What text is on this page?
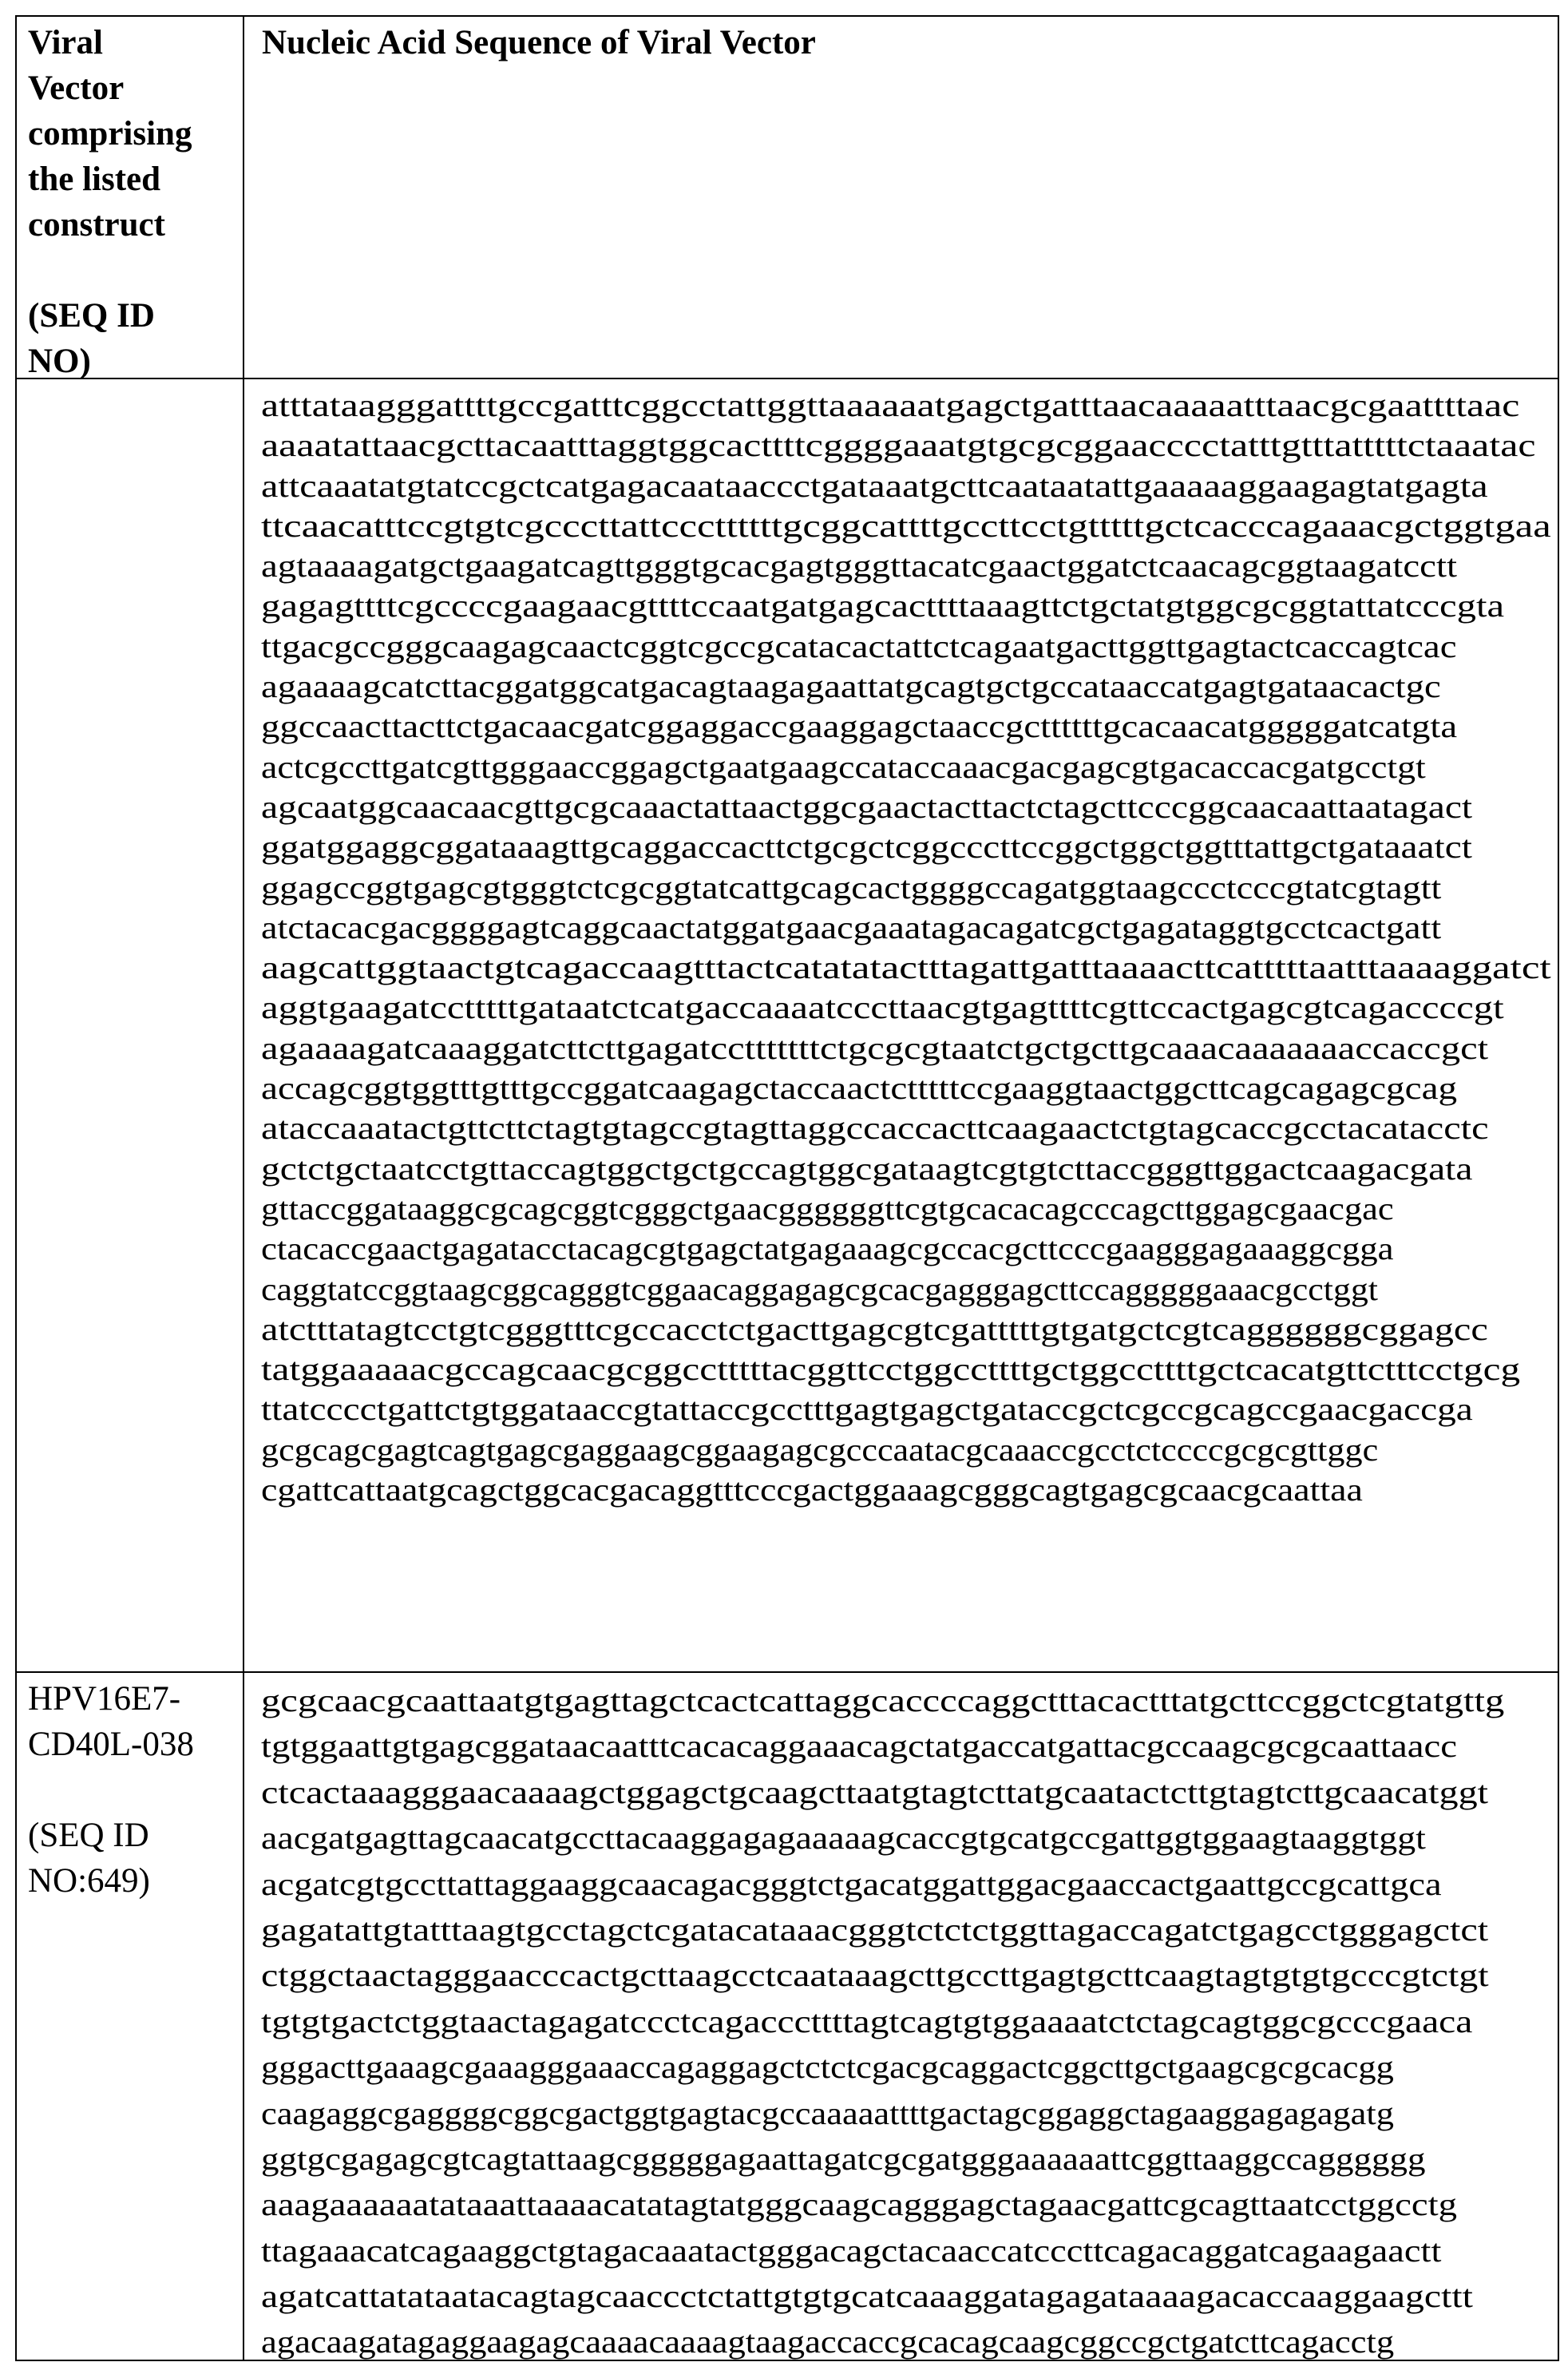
Viral
Vector
comprising
the listed
construct
(SEQ ID
NO)
Nucleic Acid Sequence of Viral Vector
atttataagggattttgccgatttcggcctattggttaaaaaatgagctgatttaacaaaaatttaacgcgaattttaac
aaaatattaacgcttacaatttaggtggcacttttcggggaaatgtgcgcggaacccctatttgtttatttttctaaatac
attcaaatatgtatccgctcatgagacaataaccctgataaatgcttcaataatattgaaaaaggaagagtatgagta
ttcaacatttccgtgtcgcccttattcccttttttgcggcattttgccttcctgtttttgctcacccagaaacgctggtgaa
agtaaaagatgctgaagatcagttgggtgcacgagtgggttacatcgaactggatctcaacagcggtaagatcctt
gagagttttcgccccgaagaacgttttccaatgatgagcacttttaaagttctgctatgtggcgcggtattatcccgta
ttgacgccgggcaagagcaactcggtcgccgcatacactattctcagaatgacttggttgagtactcaccagtcac
agaaaagcatcttacggatggcatgacagtaagagaattatgcagtgctgccataaccatgagtgataacactgc
ggccaacttacttctgacaacgatcggaggaccgaaggagctaaccgcttttttgcacaacatgggggatcatgta
actcgccttgatcgttgggaaccggagctgaatgaagccataccaaacgacgagcgtgacaccacgatgcctgt
agcaatggcaacaacgttgcgcaaactattaactggcgaactacttactctagcttcccggcaacaattaatagact
ggatggaggcggataaagttgcaggaccacttctgcgctcggcccttccggctggctggtttattgctgataaatct
ggagccggtgagcgtgggtctcgcggtatcattgcagcactggggccagatggtaagccctcccgtatcgtagtt
atctacacgacggggagtcaggcaactatggatgaacgaaatagacagatcgctgagataggtgcctcactgatt
aagcattggtaactgtcagaccaagtttactcatatatactttagattgatttaaaacttcatttttaatttaaaaggatct
aggtgaagatcctttttgataatctcatgaccaaaatcccttaacgtgagttttcgttccactgagcgtcagaccccgt
agaaaagatcaaaggatcttcttgagatcctttttttctgcgcgtaatctgctgcttgcaaacaaaaaaaccaccgct
accagcggtggtttgtttgccggatcaagagctaccaactctttttccgaaggtaactggcttcagcagagcgcag
ataccaaatactgttcttctagtgtagccgtagttaggccaccacttcaagaactctgtagcaccgcctacatacctc
gctctgctaatcctgttaccagtggctgctgccagtggcgataagtcgtgtcttaccgggttggactcaagacgata
gttaccggataaggcgcagcggtcgggctgaacggggggttcgtgcacacagcccagcttggagcgaacgac
ctacaccgaactgagatacctacagcgtgagctatgagaaagcgccacgcttcccgaagggagaaaggcgga
caggtatccggtaagcggcagggtcggaacaggagagcgcacgagggagcttccagggggaaacgcctggt
atctttatagtcctgtcgggtttcgccacctctgacttgagcgtcgatttttgtgatgctcgtcaggggggcggagcc
tatggaaaaacgccagcaacgcggcctttttacggttcctggccttttgctggccttttgctcacatgttctttcctgcg
ttatcccctgattctgtggataaccgtattaccgcctttgagtgagctgataccgctcgccgcagccgaacgaccga
gcgcagcgagtcagtgagcgaggaagcggaagagcgcccaatacgcaaaccgcctctccccgcgcgttggc
cgattcattaatgcagctggcacgacaggtttcccgactggaaagcgggcagtgagcgcaacgcaattaa
HPV16E7-
CD40L-038
(SEQ ID
NO:649)
gcgcaacgcaattaatgtgagttagctcactcattaggcaccccaggctttacactttatgcttccggctcgtatgttg
tgtggaattgtgagcggataacaatttcacacaggaaacagctatgaccatgattacgccaagcgcgcaattaacc
ctcactaaagggaacaaaagctggagctgcaagcttaatgtagtcttatgcaatactcttgtagtcttgcaacatggt
aacgatgagttagcaacatgccttacaaggagagaaaaagcaccgtgcatgccgattggtggaagtaaggtggt
acgatcgtgccttattaggaaggcaacagacgggtctgacatggattggacgaaccactgaattgccgcattgca
gagatattgtatttaagtgcctagctcgatacataaacgggtctctctggttagaccagatctgagcctgggagctct
ctggctaactagggaacccactgcttaagcctcaataaagcttgccttgagtgcttcaagtagtgtgtgcccgtctgt
tgtgtgactctggtaactagagatccctcagacccttttagtcagtgtggaaaatctctagcagtggcgcccgaaca
gggacttgaaagcgaaagggaaaccagaggagctctctcgacgcaggactcggcttgctgaagcgcgcacgg
caagaggcgaggggcggcgactggtgagtacgccaaaaattttgactagcggaggctagaaggagagagatg
ggtgcgagagcgtcagtattaagcgggggagaattagatcgcgatgggaaaaaattcggttaaggccagggggg
aaagaaaaaatataaattaaaacatatagtatgggcaagcagggagctagaacgattcgcagttaatcctggcctg
ttagaaacatcagaaggctgtagacaaatactgggacagctacaaccatcccttcagacaggatcagaagaactt
agatcattatataatacagtagcaaccctctattgtgtgcatcaaaggatagagataaaagacaccaaggaagcttt
agacaagatagaggaagagcaaaacaaaagtaagaccaccgcacagcaagcggccgctgatcttcagacctg
